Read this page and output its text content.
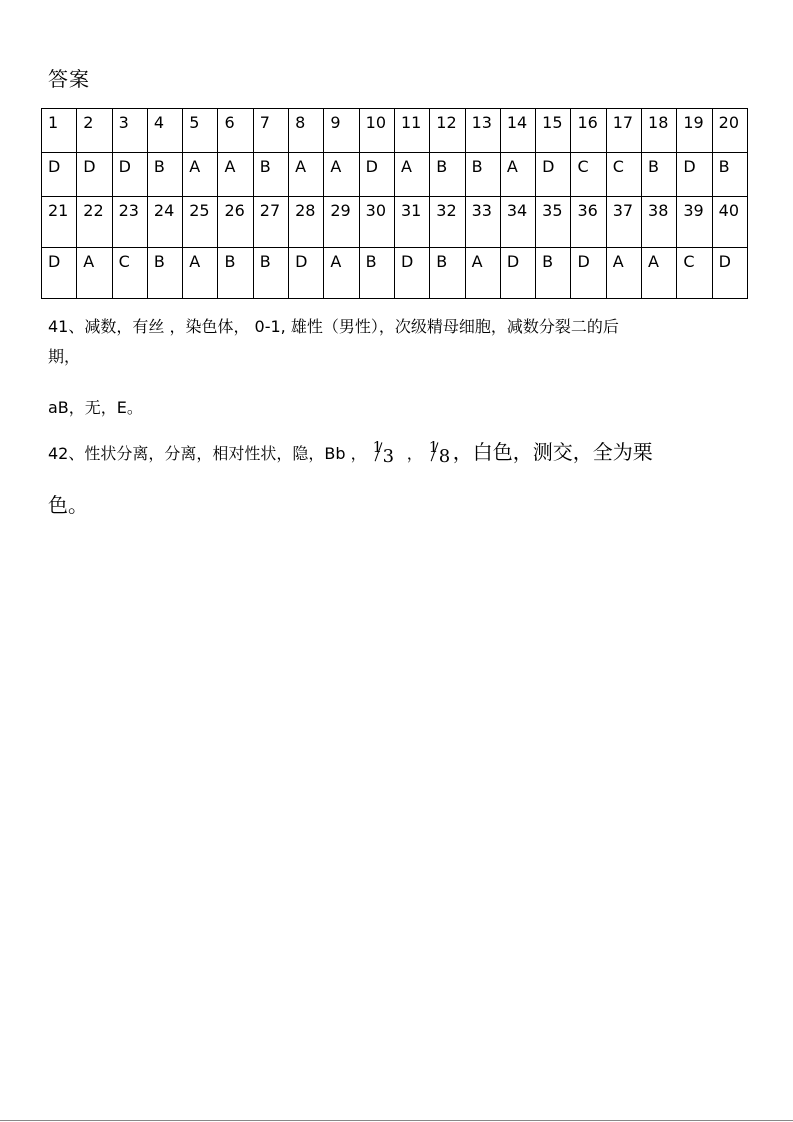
答案
1	2	3	4	5	6	7	8	9	10	11	12	13	14	15	16	17	18	19	20
D	D	D	B	A	A	B	A	A	D	A	B	B	A	D	C	C	B	D	B
21	22	23	24	25	26	27	28	29	30	31	32	33	34	35	36	37	38	39	40
D	A	C	B	A	B	B	D	A	B	D	B	A	D	B	D	A	A	C	D
41、减数，有丝 ，染色体， 0-1, 雄性（男性），次级精母细胞，减数分裂二的后
期，
aB，无，E。
42、性状分离，分离，相对性状，隐，Bb ， 1 3 ， 1 8 ，白色，测交，全为栗
色。
